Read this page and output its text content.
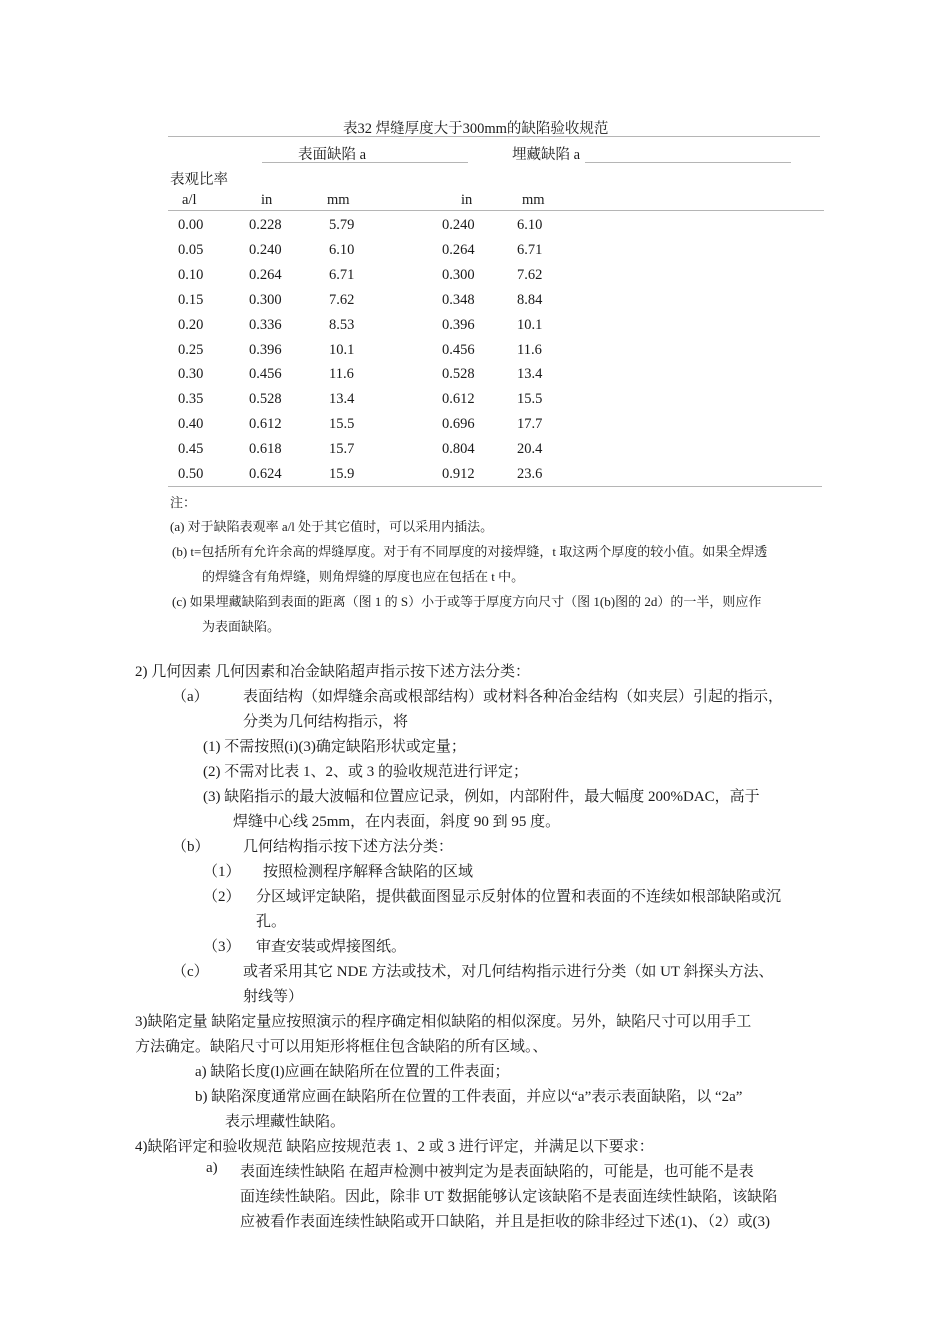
表32 焊缝厚度大于300mm的缺陷验收规范
表面缺陷 a	埋藏缺陷 a
表观比率
a/l	in	mm	in	mm
0.00	0.228	5.79	0.240	6.10
0.05	0.240	6.10	0.264	6.71
0.10	0.264	6.71	0.300	7.62
0.15	0.300	7.62	0.348	8.84
0.20	0.336	8.53	0.396	10.1
0.25	0.396	10.1	0.456	11.6
0.30	0.456	11.6	0.528	13.4
0.35	0.528	13.4	0.612	15.5
0.40	0.612	15.5	0.696	17.7
0.45	0.618	15.7	0.804	20.4
0.50	0.624	15.9	0.912	23.6
注：
(a) 对于缺陷表观率 a/l 处于其它值时，可以采用内插法。
(b) t=包括所有允许余高的焊缝厚度。对于有不同厚度的对接焊缝，t 取这两个厚度的较小值。如果全焊透
的焊缝含有角焊缝，则角焊缝的厚度也应在包括在 t 中。
(c) 如果埋藏缺陷到表面的距离（图 1 的 S）小于或等于厚度方向尺寸（图 1(b)图的 2d）的一半，则应作
为表面缺陷。
2) 几何因素 几何因素和冶金缺陷超声指示按下述方法分类：
（a） 表面结构（如焊缝余高或根部结构）或材料各种冶金结构（如夹层）引起的指示，
分类为几何结构指示，将
(1) 不需按照(i)(3)确定缺陷形状或定量；
(2) 不需对比表 1、2、或 3 的验收规范进行评定；
(3) 缺陷指示的最大波幅和位置应记录，例如，内部附件，最大幅度 200%DAC，高于
焊缝中心线 25mm，在内表面，斜度 90 到 95 度。
（b） 几何结构指示按下述方法分类：
（1） 按照检测程序解释含缺陷的区域
（2） 分区域评定缺陷，提供截面图显示反射体的位置和表面的不连续如根部缺陷或沉
孔。
（3） 审查安装或焊接图纸。
（c） 或者采用其它 NDE 方法或技术，对几何结构指示进行分类（如 UT 斜探头方法、
射线等）
3)缺陷定量 缺陷定量应按照演示的程序确定相似缺陷的相似深度。另外，缺陷尺寸可以用手工
方法确定。缺陷尺寸可以用矩形将框住包含缺陷的所有区域。、
a) 缺陷长度(l)应画在缺陷所在位置的工件表面；
b) 缺陷深度通常应画在缺陷所在位置的工件表面，并应以“a”表示表面缺陷，以 “2a”
表示埋藏性缺陷。
4)缺陷评定和验收规范 缺陷应按规范表 1、2 或 3 进行评定，并满足以下要求：
a) 表面连续性缺陷 在超声检测中被判定为是表面缺陷的，可能是，也可能不是表
面连续性缺陷。因此，除非 UT 数据能够认定该缺陷不是表面连续性缺陷，该缺陷
应被看作表面连续性缺陷或开口缺陷，并且是拒收的除非经过下述(1)、（2）或(3)
